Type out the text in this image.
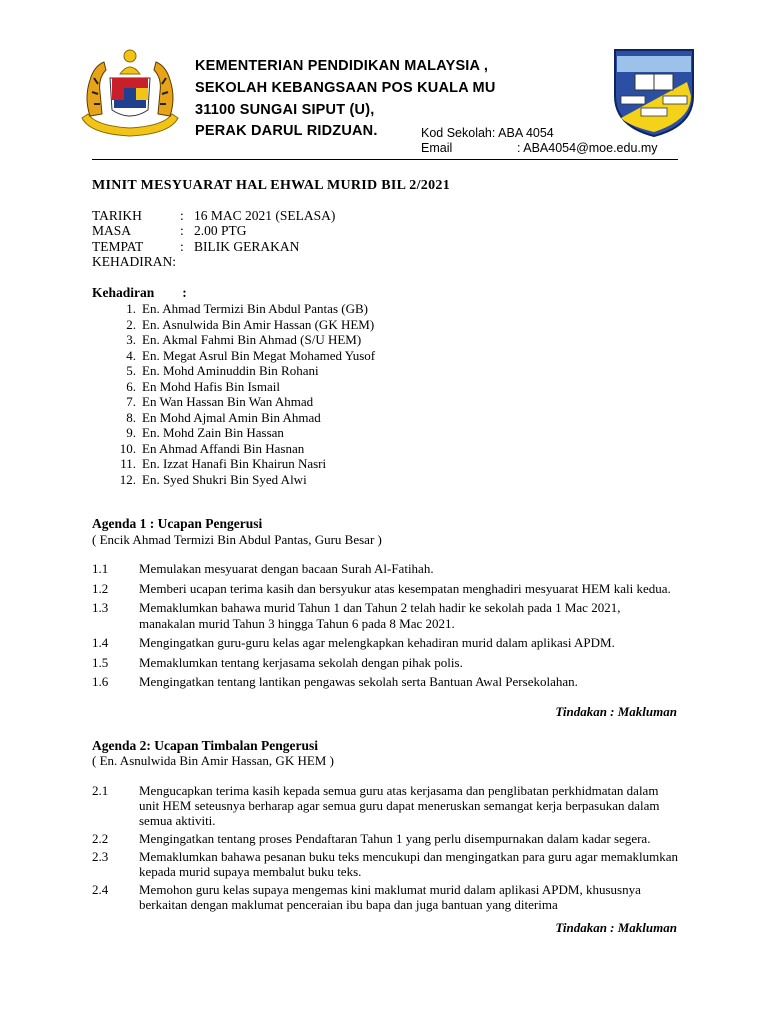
KEMENTERIAN PENDIDIKAN MALAYSIA ,
SEKOLAH KEBANGSAAN POS KUALA MU
31100 SUNGAI SIPUT (U),
PERAK DARUL RIDZUAN.	Kod Sekolah: ABA 4054
Email	: ABA4054@moe.edu.my
MINIT MESYUARAT HAL EHWAL MURID BIL 2/2021
TARIKH	: 16 MAC 2021 (SELASA)
MASA	: 2.00 PTG
TEMPAT	: BILIK GERAKAN
KEHADIRAN:
Kehadiran :
1. En. Ahmad Termizi Bin Abdul Pantas (GB)
2. En. Asnulwida Bin Amir Hassan (GK HEM)
3. En. Akmal Fahmi Bin Ahmad (S/U HEM)
4. En. Megat Asrul Bin Megat Mohamed Yusof
5. En. Mohd Aminuddin Bin Rohani
6. En Mohd Hafis Bin Ismail
7. En Wan Hassan Bin Wan Ahmad
8. En Mohd Ajmal Amin Bin Ahmad
9. En. Mohd Zain Bin Hassan
10. En Ahmad Affandi Bin Hasnan
11. En. Izzat Hanafi Bin Khairun Nasri
12. En. Syed Shukri Bin Syed Alwi
Agenda 1 : Ucapan Pengerusi
( Encik Ahmad Termizi Bin Abdul Pantas, Guru Besar )
1.1 Memulakan mesyuarat dengan bacaan Surah Al-Fatihah.
1.2 Memberi ucapan terima kasih dan bersyukur atas kesempatan menghadiri mesyuarat HEM kali kedua.
1.3 Memaklumkan bahawa murid Tahun 1 dan Tahun 2 telah hadir ke sekolah pada 1 Mac 2021, manakalan murid Tahun 3 hingga Tahun 6 pada 8 Mac 2021.
1.4 Mengingatkan guru-guru kelas agar melengkapkan kehadiran murid dalam aplikasi APDM.
1.5 Memaklumkan tentang kerjasama sekolah dengan pihak polis.
1.6 Mengingatkan tentang lantikan pengawas sekolah serta Bantuan Awal Persekolahan.
Tindakan : Makluman
Agenda 2: Ucapan Timbalan Pengerusi
( En. Asnulwida Bin Amir Hassan, GK HEM )
2.1 Mengucapkan terima kasih kepada semua guru atas kerjasama dan penglibatan perkhidmatan dalam unit HEM seteusnya berharap agar semua guru dapat meneruskan semangat kerja berpasukan dalam semua aktiviti.
2.2 Mengingatkan tentang proses Pendaftaran Tahun 1 yang perlu disempurnakan dalam kadar segera.
2.3 Memaklumkan bahawa pesanan buku teks mencukupi dan mengingatkan para guru agar memaklumkan kepada murid supaya membalut buku teks.
2.4 Memohon guru kelas supaya mengemas kini maklumat murid dalam aplikasi APDM, khususnya berkaitan dengan maklumat penceraian ibu bapa dan juga bantuan yang diterima
Tindakan : Makluman
